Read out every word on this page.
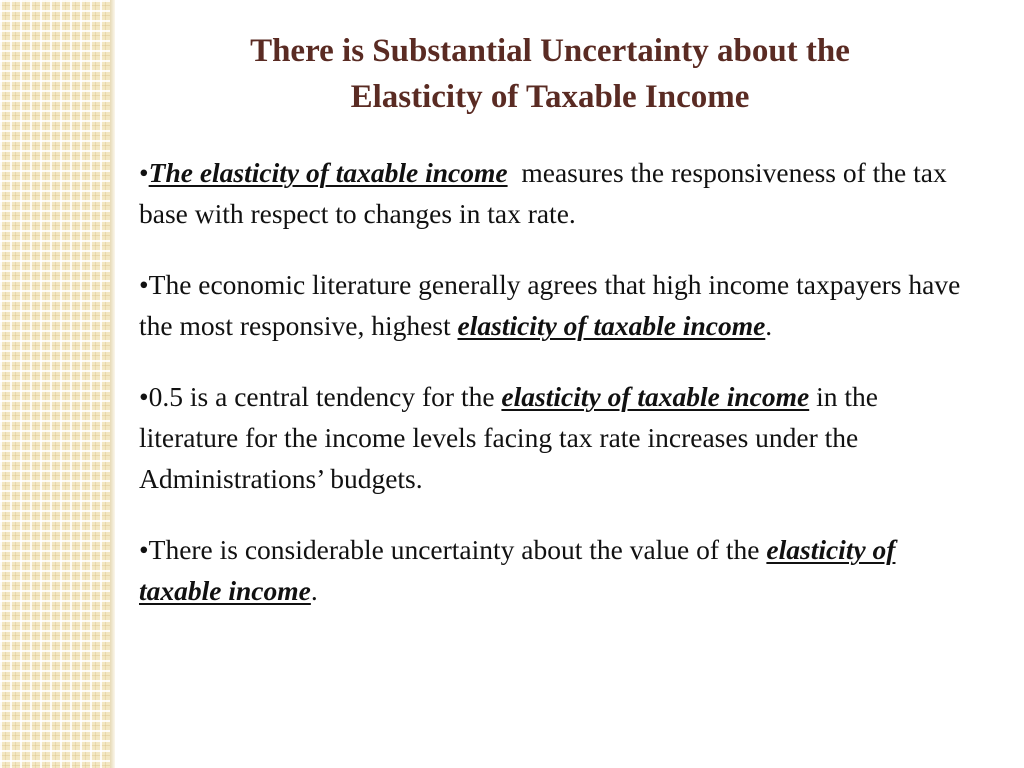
There is Substantial Uncertainty about the
Elasticity of Taxable Income

•The elasticity of taxable income  measures the responsiveness of the tax base with respect to changes in tax rate.

•The economic literature generally agrees that high income taxpayers have the most responsive, highest elasticity of taxable income.

•0.5 is a central tendency for the elasticity of taxable income in the literature for the income levels facing tax rate increases under the Administrations’ budgets.

•There is considerable uncertainty about the value of the elasticity of taxable income.
